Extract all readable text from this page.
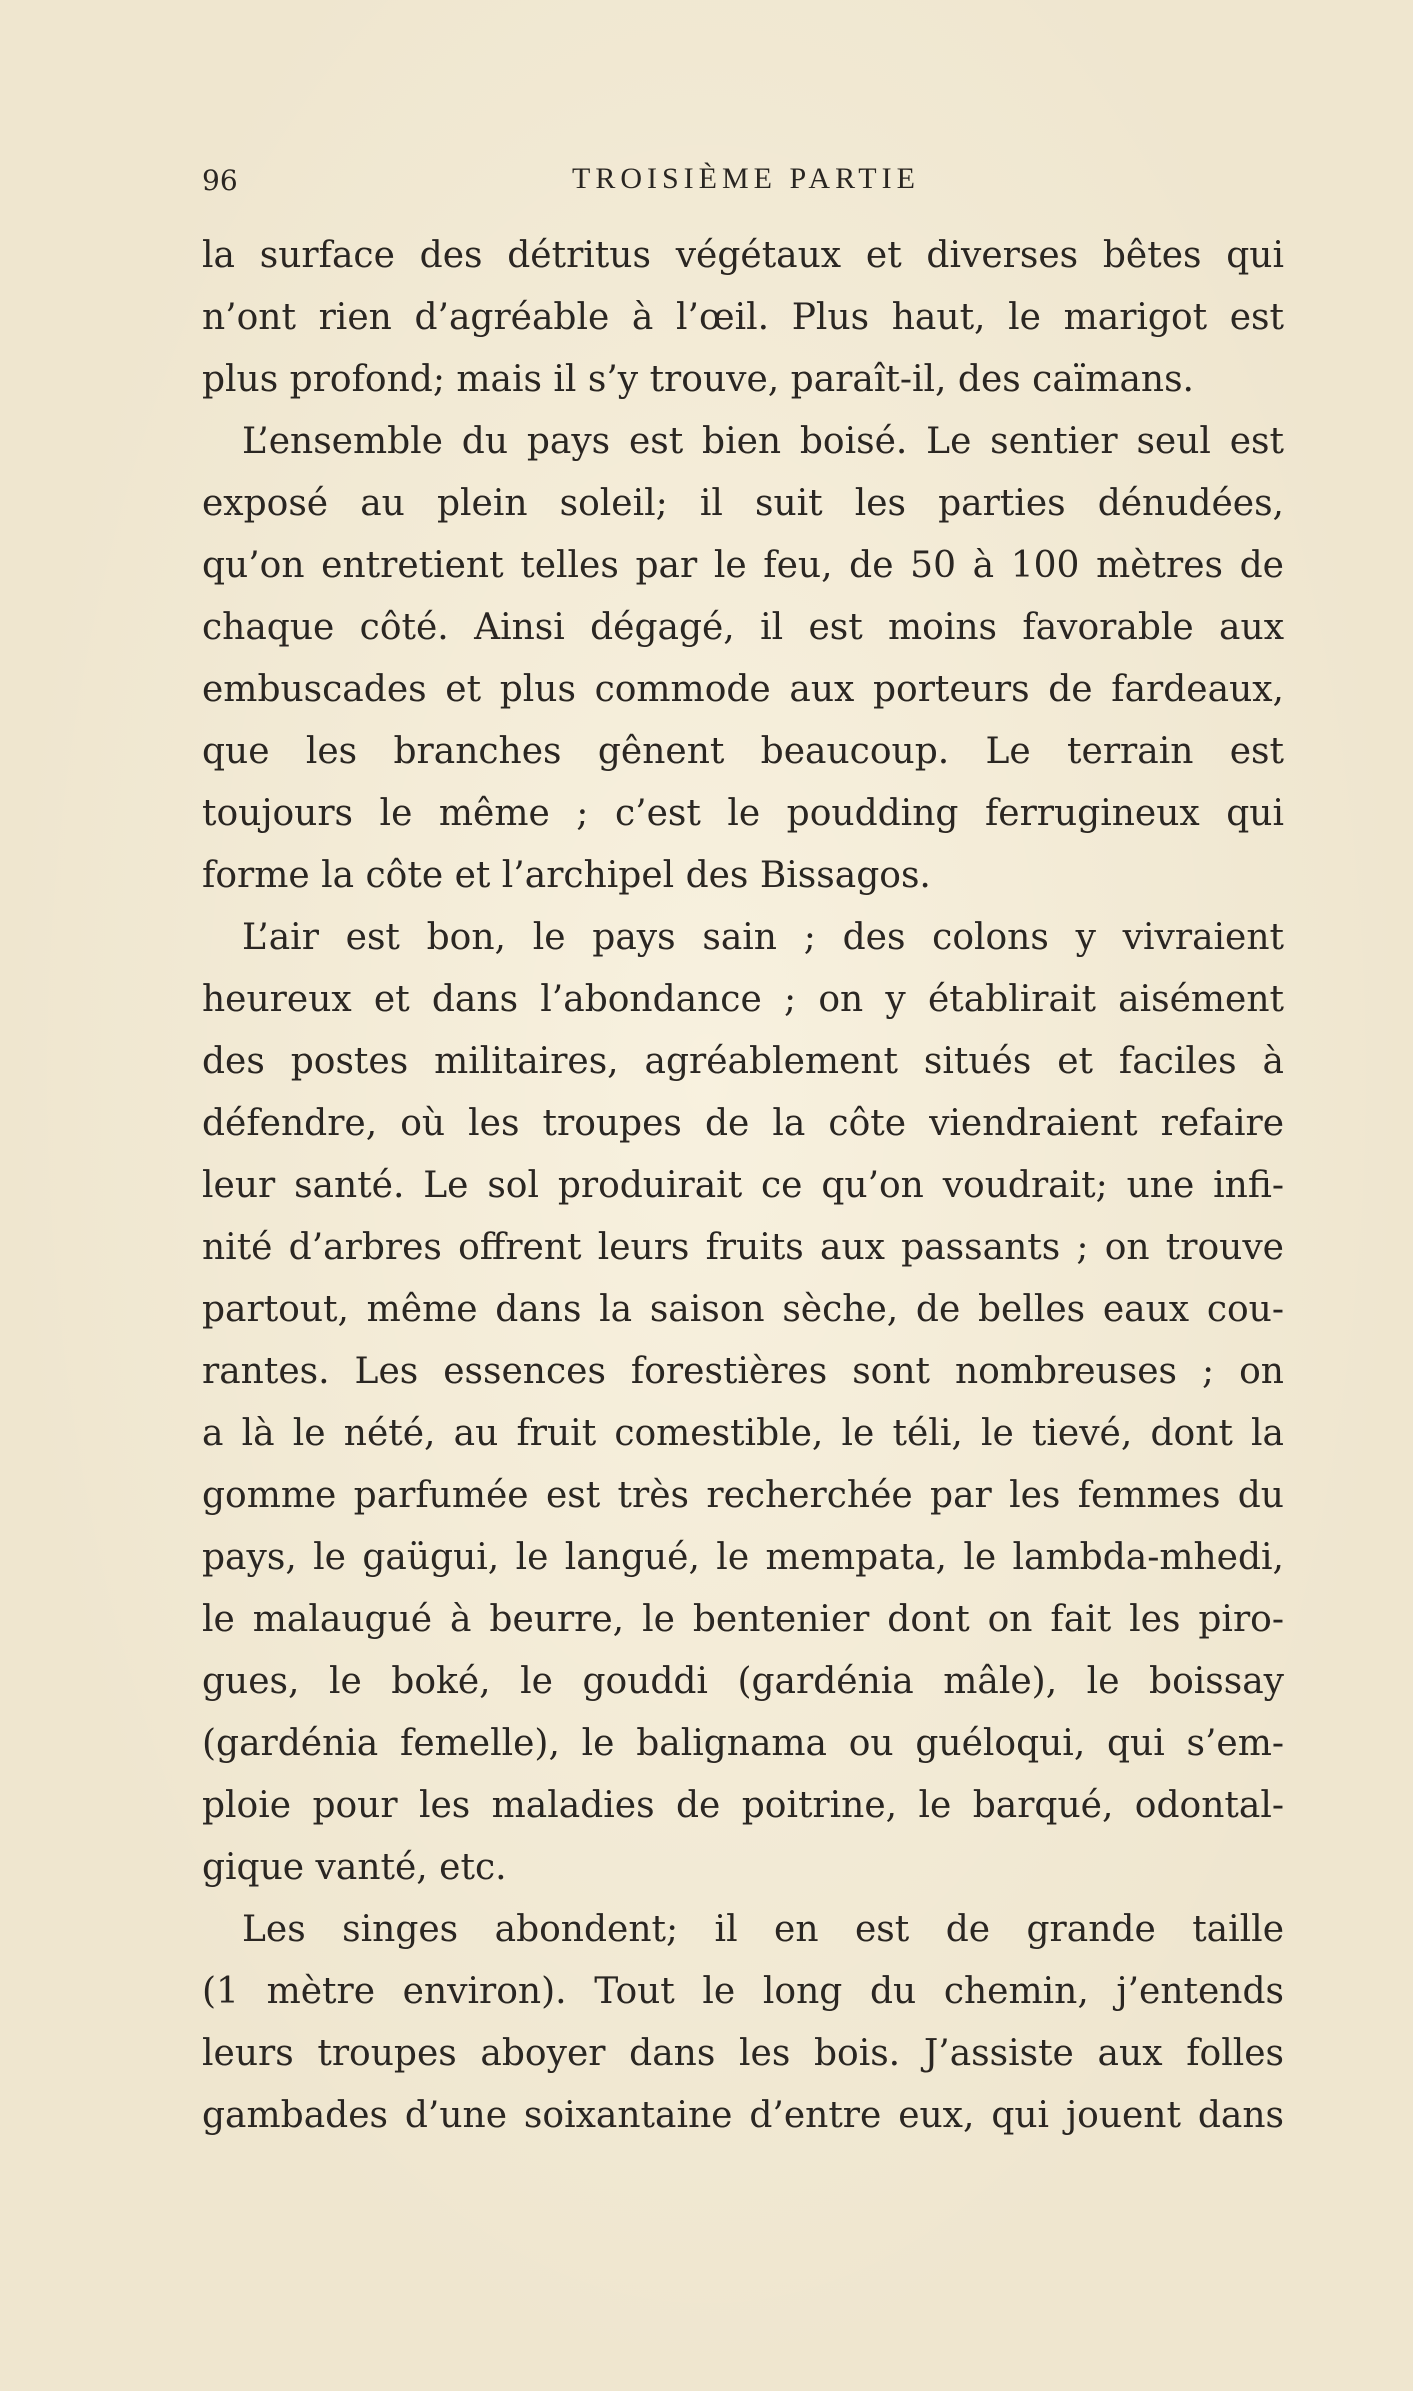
96	TROISIÈME PARTIE
la surface des détritus végétaux et diverses bêtes qui
n’ont rien d’agréable à l’œil. Plus haut, le marigot est
plus profond; mais il s’y trouve, paraît-il, des caïmans.
L’ensemble du pays est bien boisé. Le sentier seul est
exposé au plein soleil; il suit les parties dénudées,
qu’on entretient telles par le feu, de 50 à 100 mètres de
chaque côté. Ainsi dégagé, il est moins favorable aux
embuscades et plus commode aux porteurs de fardeaux,
que les branches gênent beaucoup. Le terrain est
toujours le même ; c’est le poudding ferrugineux qui
forme la côte et l’archipel des Bissagos.
L’air est bon, le pays sain ; des colons y vivraient
heureux et dans l’abondance ; on y établirait aisément
des postes militaires, agréablement situés et faciles à
défendre, où les troupes de la côte viendraient refaire
leur santé. Le sol produirait ce qu’on voudrait; une infi-
nité d’arbres offrent leurs fruits aux passants ; on trouve
partout, même dans la saison sèche, de belles eaux cou-
rantes. Les essences forestières sont nombreuses ; on
a là le nété, au fruit comestible, le téli, le tievé, dont la
gomme parfumée est très recherchée par les femmes du
pays, le gaügui, le langué, le mempata, le lambda-mhedi,
le malaugué à beurre, le bentenier dont on fait les piro-
gues, le boké, le gouddi (gardénia mâle), le boissay
(gardénia femelle), le balignama ou guéloqui, qui s’em-
ploie pour les maladies de poitrine, le barqué, odontal-
gique vanté, etc.
Les singes abondent; il en est de grande taille
(1 mètre environ). Tout le long du chemin, j’entends
leurs troupes aboyer dans les bois. J’assiste aux folles
gambades d’une soixantaine d’entre eux, qui jouent dans
